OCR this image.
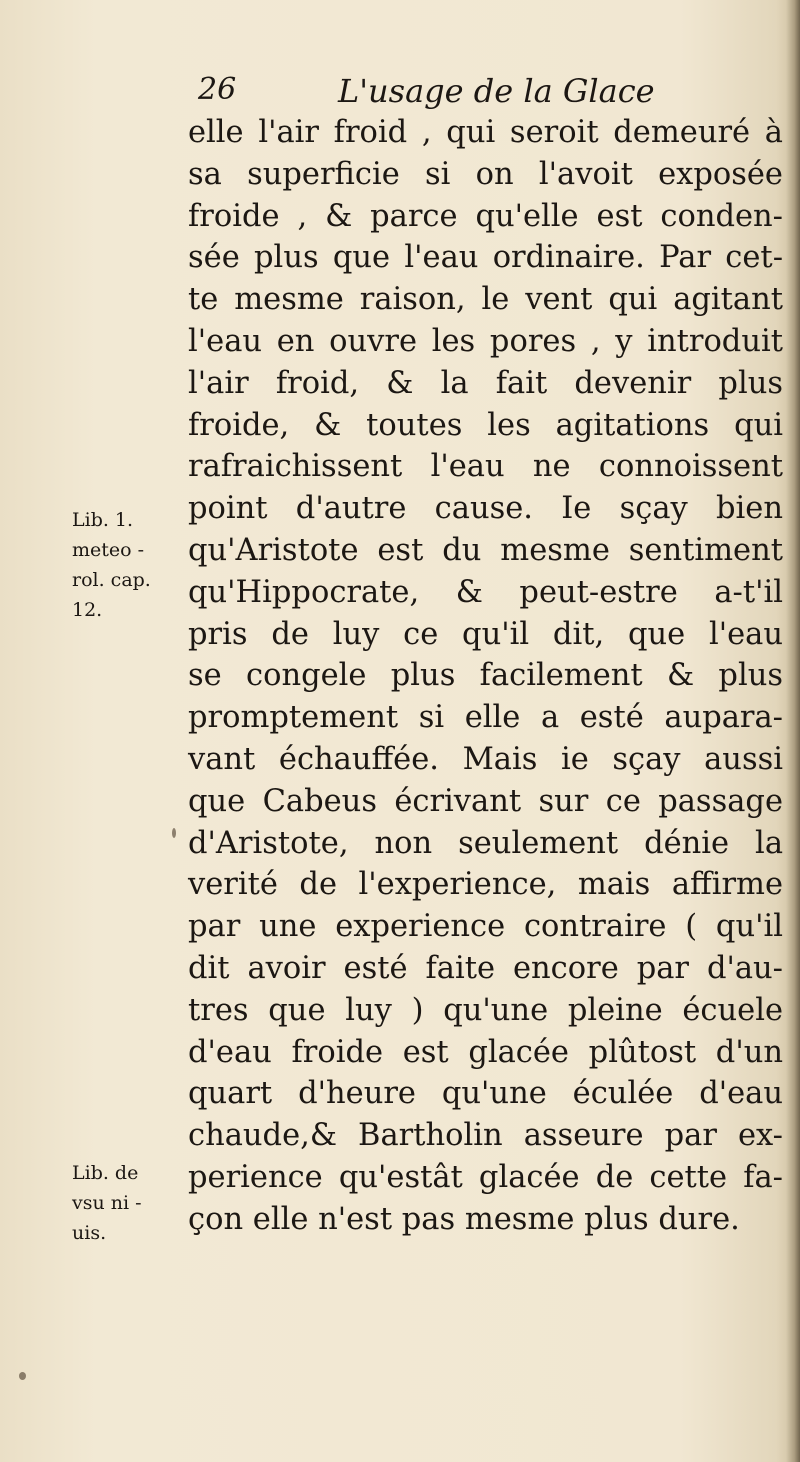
26	L'usage de la Glace
elle l'air froid , qui seroit demeuré à
sa superficie si on l'avoit exposée
froide , & parce qu'elle est conden-
sée plus que l'eau ordinaire. Par cet-
te mesme raison, le vent qui agitant
l'eau en ouvre les pores , y introduit
l'air froid, & la fait devenir plus
froide, & toutes les agitations qui
rafraichissent l'eau ne connoissent
point d'autre cause. Ie sçay bien
qu'Aristote est du mesme sentiment
qu'Hippocrate, & peut-estre a-t'il
pris de luy ce qu'il dit, que l'eau
se congele plus facilement & plus
promptement si elle a esté aupara-
vant échauffée. Mais ie sçay aussi
que Cabeus écrivant sur ce passage
d'Aristote, non seulement dénie la
verité de l'experience, mais affirme
par une experience contraire ( qu'il
dit avoir esté faite encore par d'au-
tres que luy ) qu'une pleine écuele
d'eau froide est glacée plûtost d'un
quart d'heure qu'une éculée d'eau
chaude,& Bartholin asseure par ex-
perience qu'estât glacée de cette fa-
çon elle n'est pas mesme plus dure.
Lib. 1.
meteo -
rol. cap.
12.
Lib. de
vsu ni -
uis.
